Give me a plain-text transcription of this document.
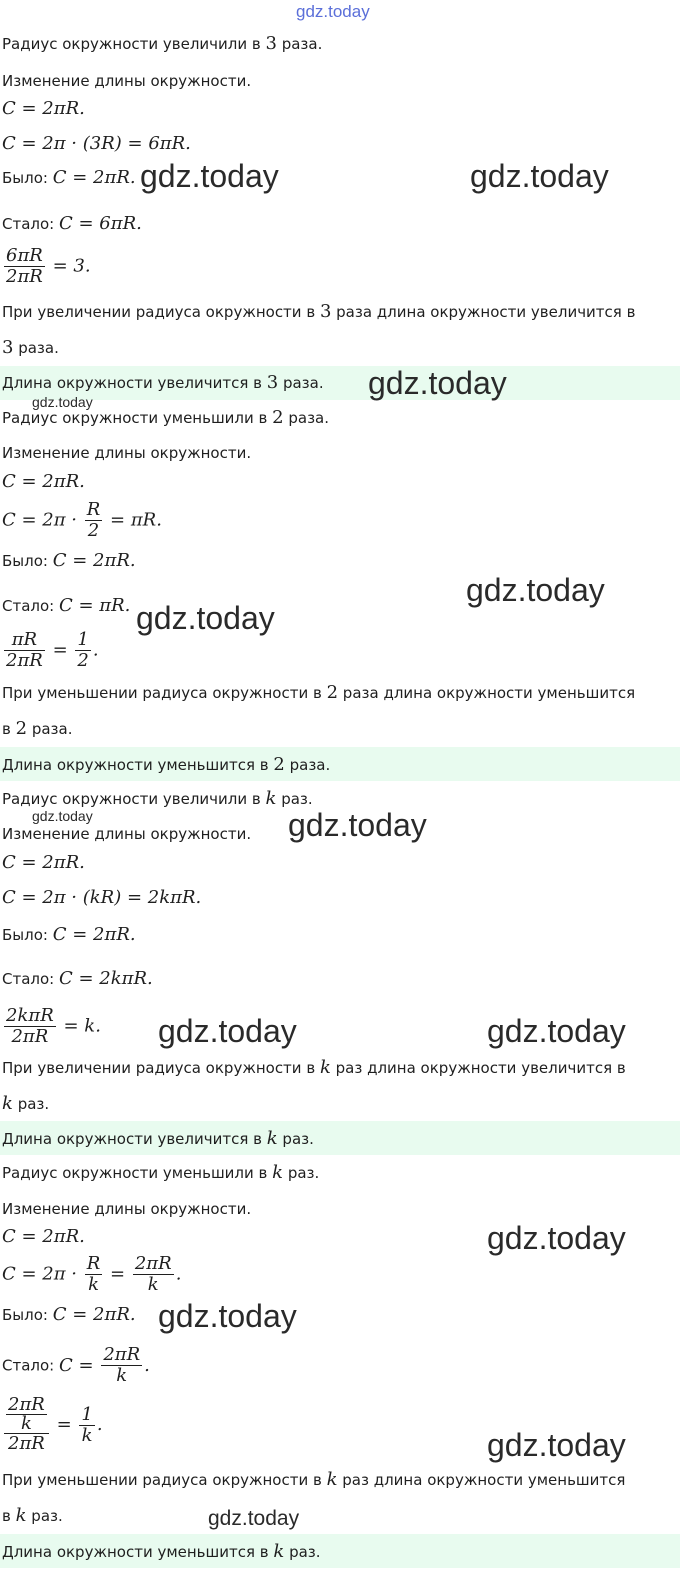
gdz.today
Радиус окружности увеличили в 3 раза.
Изменение длины окружности.
C = 2πR.
C = 2π · (3R) = 6πR.
Было: C = 2πR.
Стало: C = 6πR.
$\frac{6\pi R}{2\pi R} = 3$.
При увеличении радиуса окружности в 3 раза длина окружности увеличится в
3 раза.
Длина окружности увеличится в 3 раза.
Радиус окружности уменьшили в 2 раза.
Изменение длины окружности.
C = 2πR.
$C = 2\pi \cdot \frac{R}{2} = \pi R$.
Было: C = 2πR.
Стало: C = πR.
$\frac{\pi R}{2\pi R} = \frac{1}{2}$ .
При уменьшении радиуса окружности в 2 раза длина окружности уменьшится
в 2 раза.
Длина окружности уменьшится в 2 раза.
Радиус окружности увеличили в k раз.
Изменение длины окружности.
C = 2πR.
C = 2π · (kR) = 2kπR.
Было: C = 2πR.
Стало: C = 2kπR.
$\frac{\text{2kπR}}{2\pi R} = k$.
При увеличении радиуса окружности в k раз длина окружности увеличится в
k раз.
Длина окружности увеличится в k раз.
Радиус окружности уменьшили в k раз.
Изменение длины окружности.
C = 2πR.
$C = 2\pi \cdot \frac{R}{k} = \frac{2\pi R}{k}$ .
Было: C = 2πR.
Стало: $C = \frac{2\pi R}{k}$ .
$\frac{\frac{2\pi R}{k}}{2\pi R} = \frac{1}{k}$ .
При уменьшении радиуса окружности в k раз длина окружности уменьшится
в k раз.
Длина окружности уменьшится в k раз.
gdz.today	gdz.today
gdz.today
gdz.today
gdz.today
gdz.today
gdz.today	gdz.today
gdz.today	gdz.today
gdz.today
gdz.today
gdz.today
gdz.today
